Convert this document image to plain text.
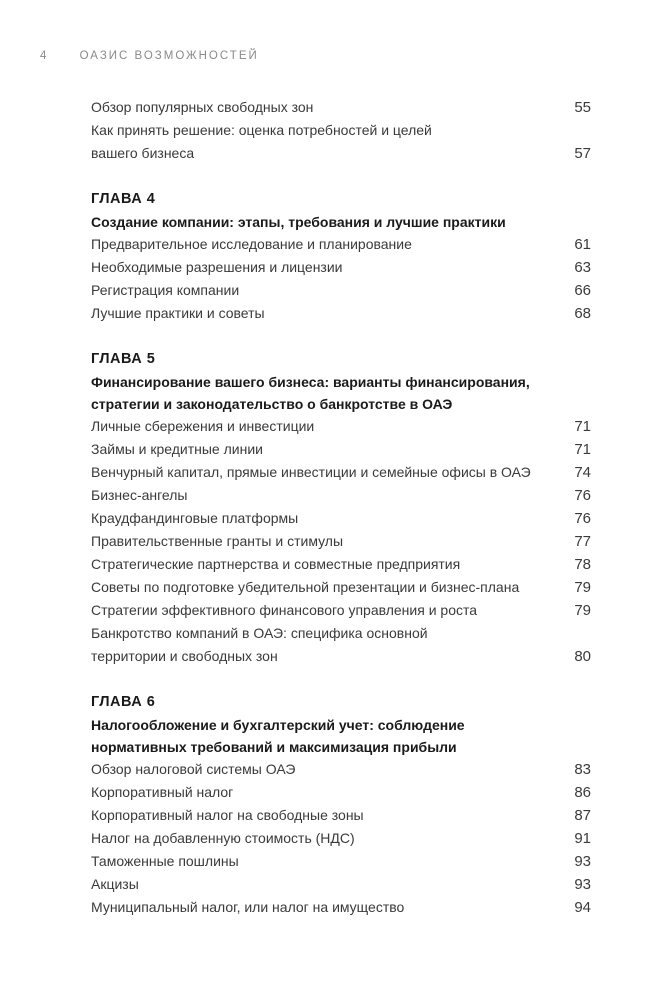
4	ОАЗИС ВОЗМОЖНОСТЕЙ
Обзор популярных свободных зон	55
Как принять решение: оценка потребностей и целей вашего бизнеса	57
ГЛАВА 4
Создание компании: этапы, требования и лучшие практики
Предварительное исследование и планирование	61
Необходимые разрешения и лицензии	63
Регистрация компании	66
Лучшие практики и советы	68
ГЛАВА 5
Финансирование вашего бизнеса: варианты финансирования, стратегии и законодательство о банкротстве в ОАЭ
Личные сбережения и инвестиции	71
Займы и кредитные линии	71
Венчурный капитал, прямые инвестиции и семейные офисы в ОАЭ	74
Бизнес-ангелы	76
Краудфандинговые платформы	76
Правительственные гранты и стимулы	77
Стратегические партнерства и совместные предприятия	78
Советы по подготовке убедительной презентации и бизнес-плана	79
Стратегии эффективного финансового управления и роста	79
Банкротство компаний в ОАЭ: специфика основной территории и свободных зон	80
ГЛАВА 6
Налогообложение и бухгалтерский учет: соблюдение нормативных требований и максимизация прибыли
Обзор налоговой системы ОАЭ	83
Корпоративный налог	86
Корпоративный налог на свободные зоны	87
Налог на добавленную стоимость (НДС)	91
Таможенные пошлины	93
Акцизы	93
Муниципальный налог, или налог на имущество	94
